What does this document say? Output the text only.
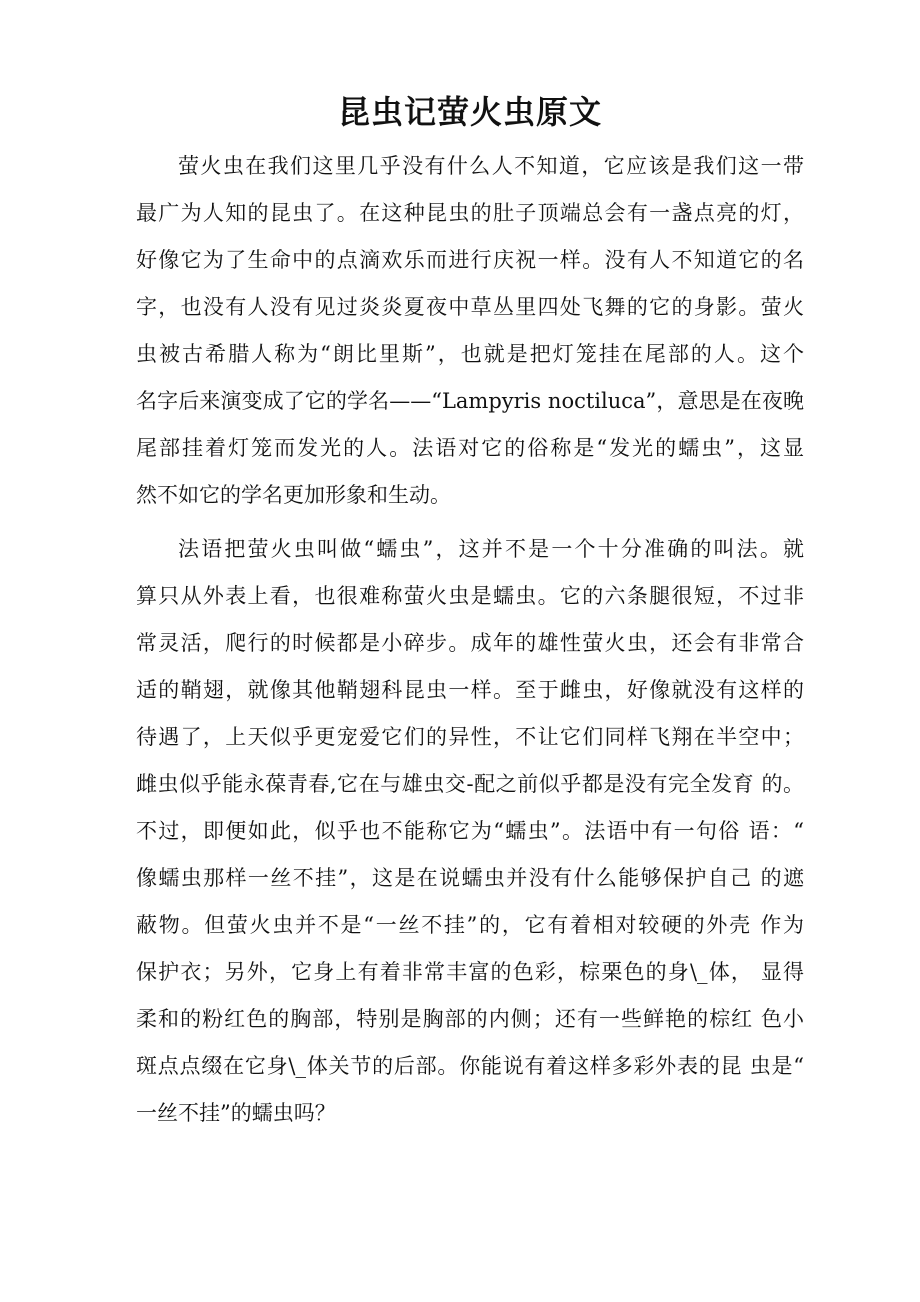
昆虫记萤火虫原文
萤火虫在我们这里几乎没有什么人不知道，它应该是我们这一带
最广为人知的昆虫了。在这种昆虫的肚子顶端总会有一盏点亮的灯，
好像它为了生命中的点滴欢乐而进行庆祝一样。没有人不知道它的名
字，也没有人没有见过炎炎夏夜中草丛里四处飞舞的它的身影。萤火
虫被古希腊人称为“朗比里斯”，也就是把灯笼挂在尾部的人。这个
名字后来演变成了它的学名——“Lampyris noctiluca”，意思是在夜晚
尾部挂着灯笼而发光的人。法语对它的俗称是“发光的蠕虫”，这显
然不如它的学名更加形象和生动。
法语把萤火虫叫做“蠕虫”，这并不是一个十分准确的叫法。就
算只从外表上看，也很难称萤火虫是蠕虫。它的六条腿很短，不过非
常灵活，爬行的时候都是小碎步。成年的雄性萤火虫，还会有非常合
适的鞘翅，就像其他鞘翅科昆虫一样。至于雌虫，好像就没有这样的
待遇了，上天似乎更宠爱它们的异性，不让它们同样飞翔在半空中；
雌虫似乎能永葆青春,它在与雄虫交-配之前似乎都是没有完全发育 的。
不过，即便如此，似乎也不能称它为“蠕虫”。法语中有一句俗 语：“
像蠕虫那样一丝不挂”，这是在说蠕虫并没有什么能够保护自己 的遮
蔽物。但萤火虫并不是“一丝不挂”的，它有着相对较硬的外壳 作为
保护衣；另外，它身上有着非常丰富的色彩，棕栗色的身\_体， 显得
柔和的粉红色的胸部，特别是胸部的内侧；还有一些鲜艳的棕红 色小
斑点点缀在它身\_体关节的后部。你能说有着这样多彩外表的昆 虫是“
一丝不挂”的蠕虫吗？
